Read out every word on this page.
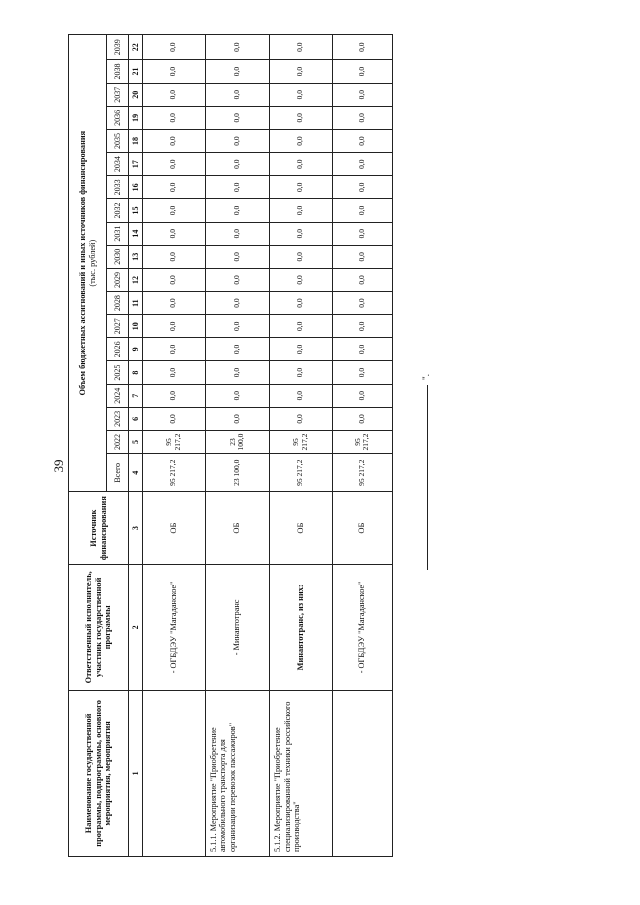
39
".
Наименование государственной программы, подпрограммы, основного мероприятия, мероприятия	Ответственный исполнитель, участник государственной программы	Источник финансирования	Объем бюджетных ассигнований и иных источников финансирования
(тыс. рублей)																		
			Всего	2022	2023	2024	2025	2026	2027	2028	2029	2030	2031	2032	2033	2034	2035	2036	2037	2038	2039
1	2	3	4	5	6	7	8	9	10	11	12	13	14	15	16	17	18	19	20	21	22
	- ОГБДЭУ "Магаданское"	ОБ	95 217,2	95 217,2	0,0	0,0	0,0	0,0	0,0	0,0	0,0	0,0	0,0	0,0	0,0	0,0	0,0	0,0	0,0	0,0	0,0
5.1.1. Мероприятие "Приобретение автомобильного транспорта для организации перевозок пассажиров"	- Минавтотранс	ОБ	23 100,0	23 100,0	0,0	0,0	0,0	0,0	0,0	0,0	0,0	0,0	0,0	0,0	0,0	0,0	0,0	0,0	0,0	0,0	0,0
5.1.2. Мероприятие "Приобретение специализированной техники российского производства"	Минавтотранс, из них:	ОБ	95 217,2	95 217,2	0,0	0,0	0,0	0,0	0,0	0,0	0,0	0,0	0,0	0,0	0,0	0,0	0,0	0,0	0,0	0,0	0,0
	- ОГБДЭУ "Магаданское"	ОБ	95 217,2	95 217,2	0,0	0,0	0,0	0,0	0,0	0,0	0,0	0,0	0,0	0,0	0,0	0,0	0,0	0,0	0,0	0,0	0,0
